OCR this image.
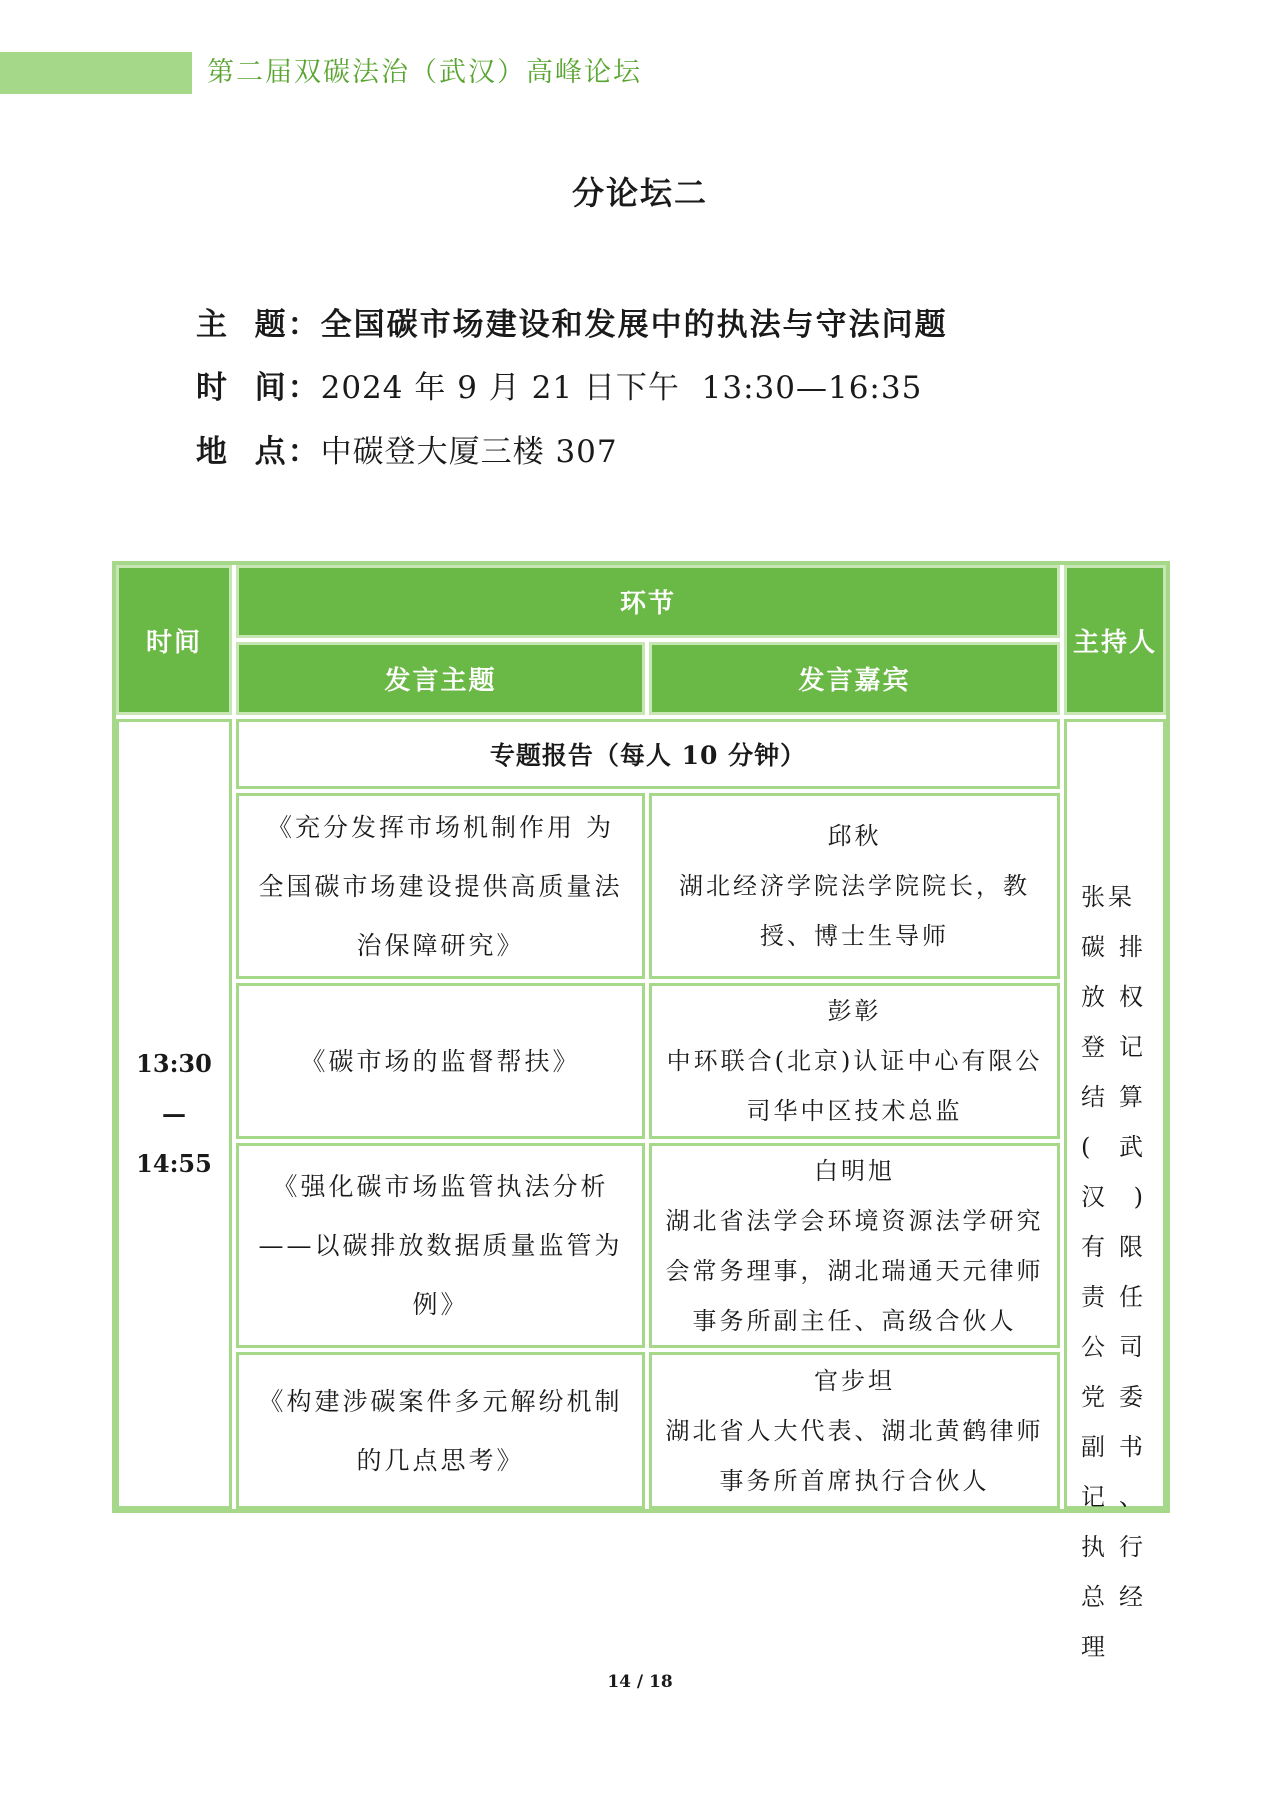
第二届双碳法治（武汉）高峰论坛
分论坛二
主  题：全国碳市场建设和发展中的执法与守法问题
时  间：2024 年 9 月 21 日下午  13:30—16:35
地  点：中碳登大厦三楼 307
时间
环节
发言主题	发言嘉宾
主持人
13:30
—
14:55
专题报告（每人 10 分钟）
《充分发挥市场机制作用 为全国碳市场建设提供高质量法治保障研究》
邱秋
湖北经济学院法学院院长，教授、博士生导师
《碳市场的监督帮扶》
彭彰
中环联合(北京)认证中心有限公司华中区技术总监
《强化碳市场监管执法分析——以碳排放数据质量监管为例》
白明旭
湖北省法学会环境资源法学研究会常务理事，湖北瑞通天元律师事务所副主任、高级合伙人
《构建涉碳案件多元解纷机制的几点思考》
官步坦
湖北省人大代表、湖北黄鹤律师事务所首席执行合伙人
张杲
碳排放权登记结算(武汉)有限责任公司党委副书记、执行总经理
14 / 18
